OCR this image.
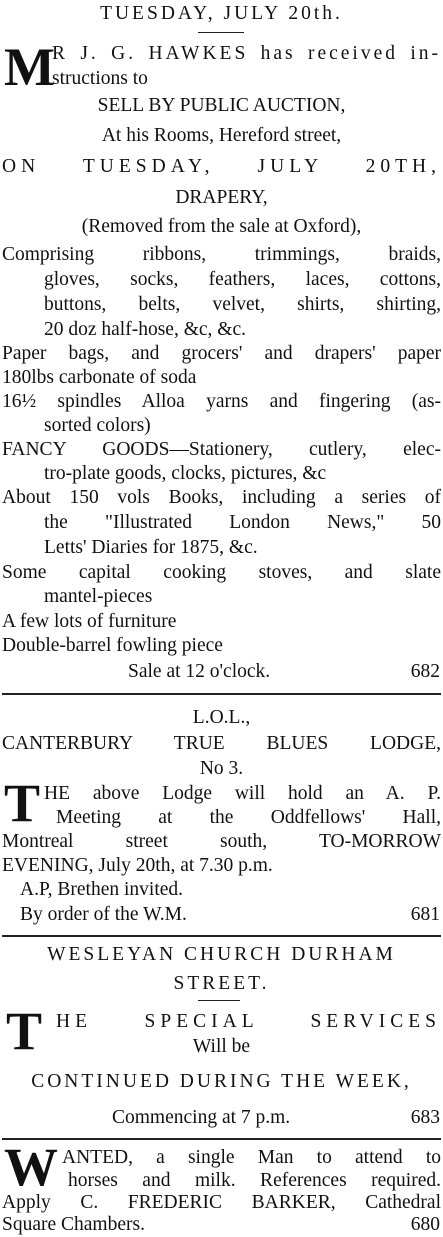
TUESDAY, JULY 20th.
M
R J. G. HAWKES has received in-
structions to
SELL BY PUBLIC AUCTION,
At his Rooms, Hereford street,
ON TUESDAY, JULY 20TH,
DRAPERY,
(Removed from the sale at Oxford),
Comprising ribbons, trimmings, braids,
gloves, socks, feathers, laces, cottons,
buttons, belts, velvet, shirts, shirting,
20 doz half-hose, &c, &c.
Paper bags, and grocers' and drapers' paper
180lbs carbonate of soda
16½ spindles Alloa yarns and fingering (as-
sorted colors)
FANCY GOODS—Stationery, cutlery, elec-
tro-plate goods, clocks, pictures, &c
About 150 vols Books, including a series of
the "Illustrated London News," 50
Letts' Diaries for 1875, &c.
Some capital cooking stoves, and slate
mantel-pieces
A few lots of furniture
Double-barrel fowling piece
Sale at 12 o'clock.	682
L.O.L.,
CANTERBURY TRUE BLUES LODGE,
No 3.
T HE above Lodge will hold an A. P.
Meeting at the Oddfellows' Hall,
Montreal street south, TO-MORROW
EVENING, July 20th, at 7.30 p.m.
A.P, Brethen invited.
By order of the W.M.	681
WESLEYAN CHURCH DURHAM
STREET.
T HE SPECIAL SERVICES
Will be
CONTINUED DURING THE WEEK,
Commencing at 7 p.m.	683
W ANTED, a single Man to attend to
horses and milk. References required.
Apply C. FREDERIC BARKER, Cathedral
Square Chambers.	680
